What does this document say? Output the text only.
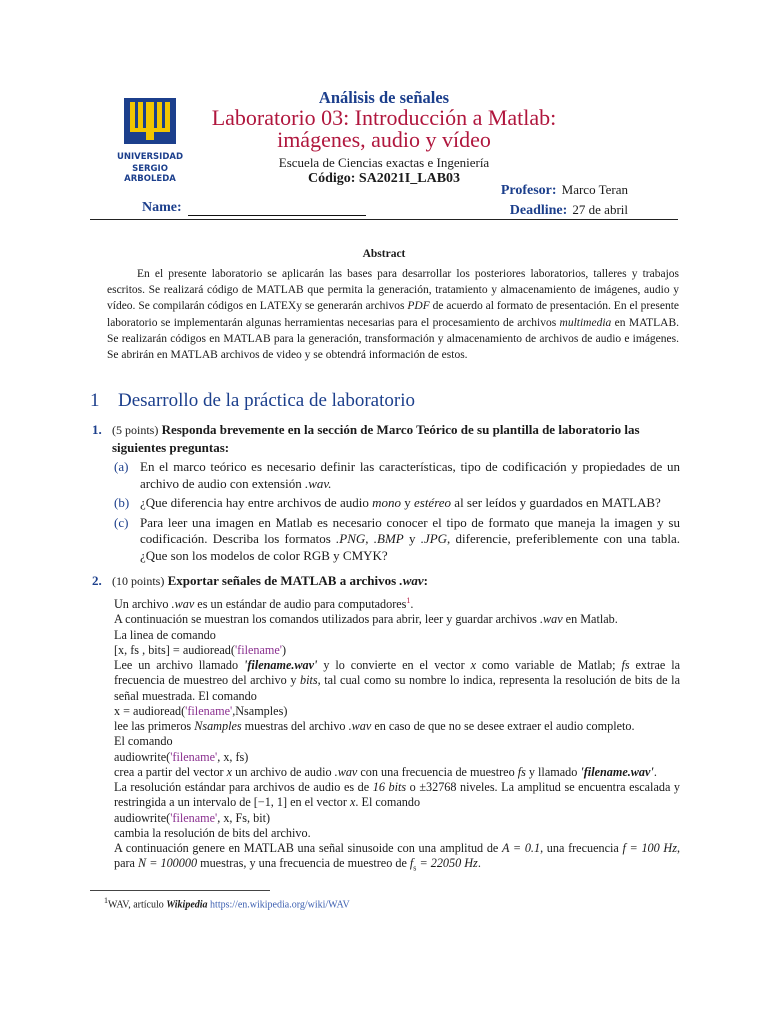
UNIVERSIDAD
SERGIO ARBOLEDA
Análisis de señales
Laboratorio 03: Introducción a Matlab:
imágenes, audio y vídeo
Escuela de Ciencias exactas e Ingeniería
Código: SA2021I_LAB03
Name:
Profesor: Marco Teran
Deadline: 27 de abril
Abstract
En el presente laboratorio se aplicarán las bases para desarrollar los posteriores laboratorios, talleres y trabajos escritos. Se realizará código de MATLAB que permita la generación, tratamiento y almacenamiento de imágenes, audio y vídeo. Se compilarán códigos en LATEXy se generarán archivos PDF de acuerdo al formato de presentación. En el presente laboratorio se implementarán algunas herramientas necesarias para el procesamiento de archivos multimedia en MATLAB. Se realizarán códigos en MATLAB para la generación, transformación y almacenamiento de archivos de audio e imágenes. Se abrirán en MATLAB archivos de video y se obtendrá información de estos.
1 Desarrollo de la práctica de laboratorio
1. (5 points) Responda brevemente en la sección de Marco Teórico de su plantilla de laboratorio las siguientes preguntas:
(a) En el marco teórico es necesario definir las características, tipo de codificación y propiedades de un archivo de audio con extensión .wav.
(b) ¿Que diferencia hay entre archivos de audio mono y estéreo al ser leídos y guardados en MATLAB?
(c) Para leer una imagen en Matlab es necesario conocer el tipo de formato que maneja la imagen y su codificación. Describa los formatos .PNG, .BMP y .JPG, diferencie, preferiblemente con una tabla. ¿Que son los modelos de color RGB y CMYK?
2. (10 points) Exportar señales de MATLAB a archivos .wav:

Un archivo .wav es un estándar de audio para computadores$^1$.

A continuación se muestran los comandos utilizados para abrir, leer y guardar archivos .wav en Matlab.

La linea de comando

[x, fs , bits] = audioread('filename')

Lee un archivo llamado 'filename.wav' y lo convierte en el vector x como variable de Matlab; fs extrae la frecuencia de muestreo del archivo y bits, tal cual como su nombre lo indica, representa la resolución de bits de la señal muestrada. El comando

x = audioread('filename',Nsamples)

lee las primeros Nsamples muestras del archivo .wav en caso de que no se desee extraer el audio completo.

El comando

audiowrite('filename', x, fs)

crea a partir del vector x un archivo de audio .wav con una frecuencia de muestreo fs y llamado 'filename.wav'.

La resolución estándar para archivos de audio es de 16 bits o ±32768 niveles. La amplitud se encuentra escalada y restringida a un intervalo de [−1, 1] en el vector x. El comando

audiowrite('filename', x, Fs, bit)

cambia la resolución de bits del archivo.

A continuación genere en MATLAB una señal sinusoide con una amplitud de A = 0.1, una frecuencia f = 100 Hz, para N = 100000 muestras, y una frecuencia de muestreo de $f_s = 22050$ Hz.

$^1$WAV, artículo Wikipedia https://en.wikipedia.org/wiki/WAV
